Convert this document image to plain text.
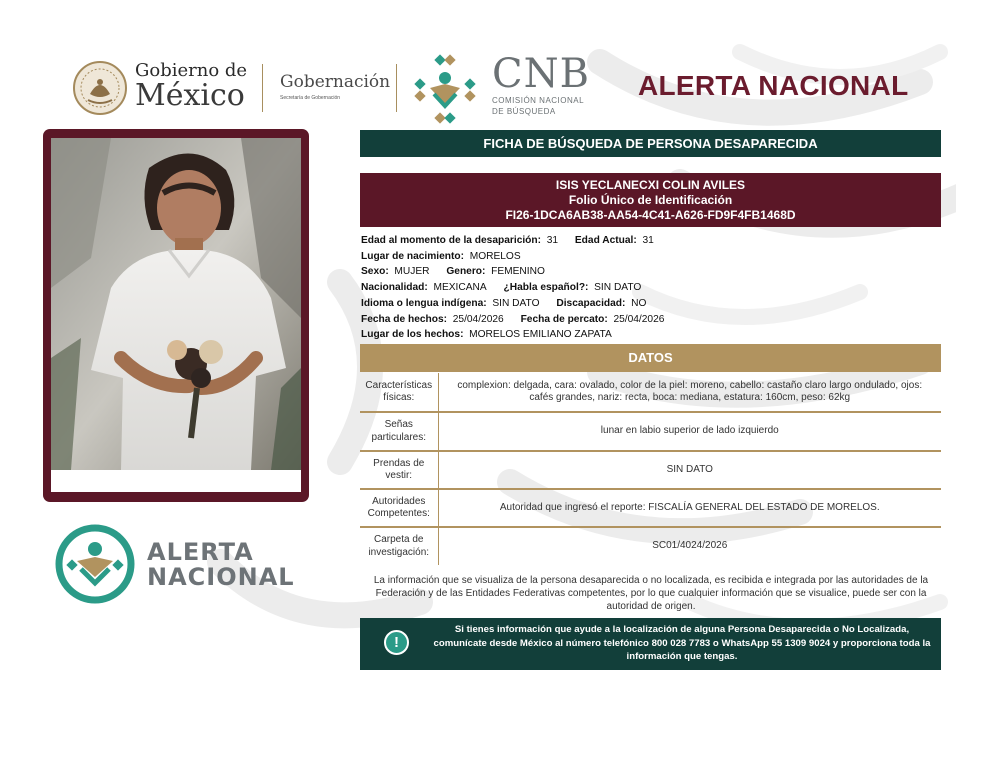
Gobierno de
México Gobernación
Secretaría de Gobernación
CNB
COMISIÓN NACIONAL
DE BÚSQUEDA
ALERTA NACIONAL
ALERTA
NACIONAL
FICHA DE BÚSQUEDA DE PERSONA DESAPARECIDA
ISIS YECLANECXI COLIN AVILES
Folio Único de Identificación
FI26-1DCA6AB38-AA54-4C41-A626-FD9F4FB1468D
Edad al momento de la desaparición: 31 Edad Actual: 31
Lugar de nacimiento: MORELOS
Sexo: MUJER Genero: FEMENINO
Nacionalidad: MEXICANA ¿Habla español?: SIN DATO
Idioma o lengua indígena: SIN DATO Discapacidad: NO
Fecha de hechos: 25/04/2026 Fecha de percato: 25/04/2026
Lugar de los hechos: MORELOS EMILIANO ZAPATA
DATOS
Características físicas:	complexion: delgada, cara: ovalado, color de la piel: moreno, cabello: castaño claro largo ondulado, ojos: cafés grandes, nariz: recta, boca: mediana, estatura: 160cm, peso: 62kg
Señas particulares:	lunar en labio superior de lado izquierdo
Prendas de vestir:	SIN DATO
Autoridades Competentes:	Autoridad que ingresó el reporte: FISCALÍA GENERAL DEL ESTADO DE MORELOS.
Carpeta de investigación:	SC01/4024/2026
La información que se visualiza de la persona desaparecida o no localizada, es recibida e integrada por las autoridades de la Federación y de las Entidades Federativas competentes, por lo que cualquier información que se visualice, puede ser con la autoridad de origen.
!
Si tienes información que ayude a la localización de alguna Persona Desaparecida o No Localizada, comunícate desde México al número telefónico 800 028 7783 o WhatsApp 55 1309 9024 y proporciona toda la información que tengas.
